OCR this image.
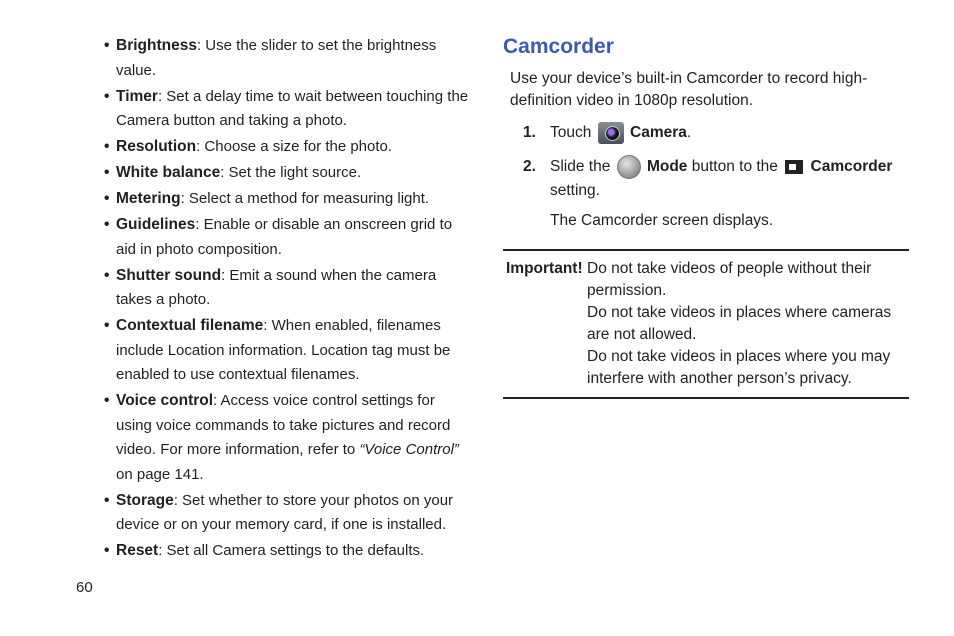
• Brightness: Use the slider to set the brightness value.
• Timer: Set a delay time to wait between touching the Camera button and taking a photo.
• Resolution: Choose a size for the photo.
• White balance: Set the light source.
• Metering: Select a method for measuring light.
• Guidelines: Enable or disable an onscreen grid to aid in photo composition.
• Shutter sound: Emit a sound when the camera takes a photo.
• Contextual filename: When enabled, filenames include Location information. Location tag must be enabled to use contextual filenames.
• Voice control: Access voice control settings for using voice commands to take pictures and record video. For more information, refer to “Voice Control” on page 141.
• Storage: Set whether to store your photos on your device or on your memory card, if one is installed.
• Reset: Set all Camera settings to the defaults.
Camcorder
Use your device’s built-in Camcorder to record high-definition video in 1080p resolution.
1. Touch Camera.
2. Slide the Mode button to the Camcorder
setting.
The Camcorder screen displays.
Important! Do not take videos of people without their permission.
Do not take videos in places where cameras are not allowed.
Do not take videos in places where you may interfere with another person’s privacy.
60
